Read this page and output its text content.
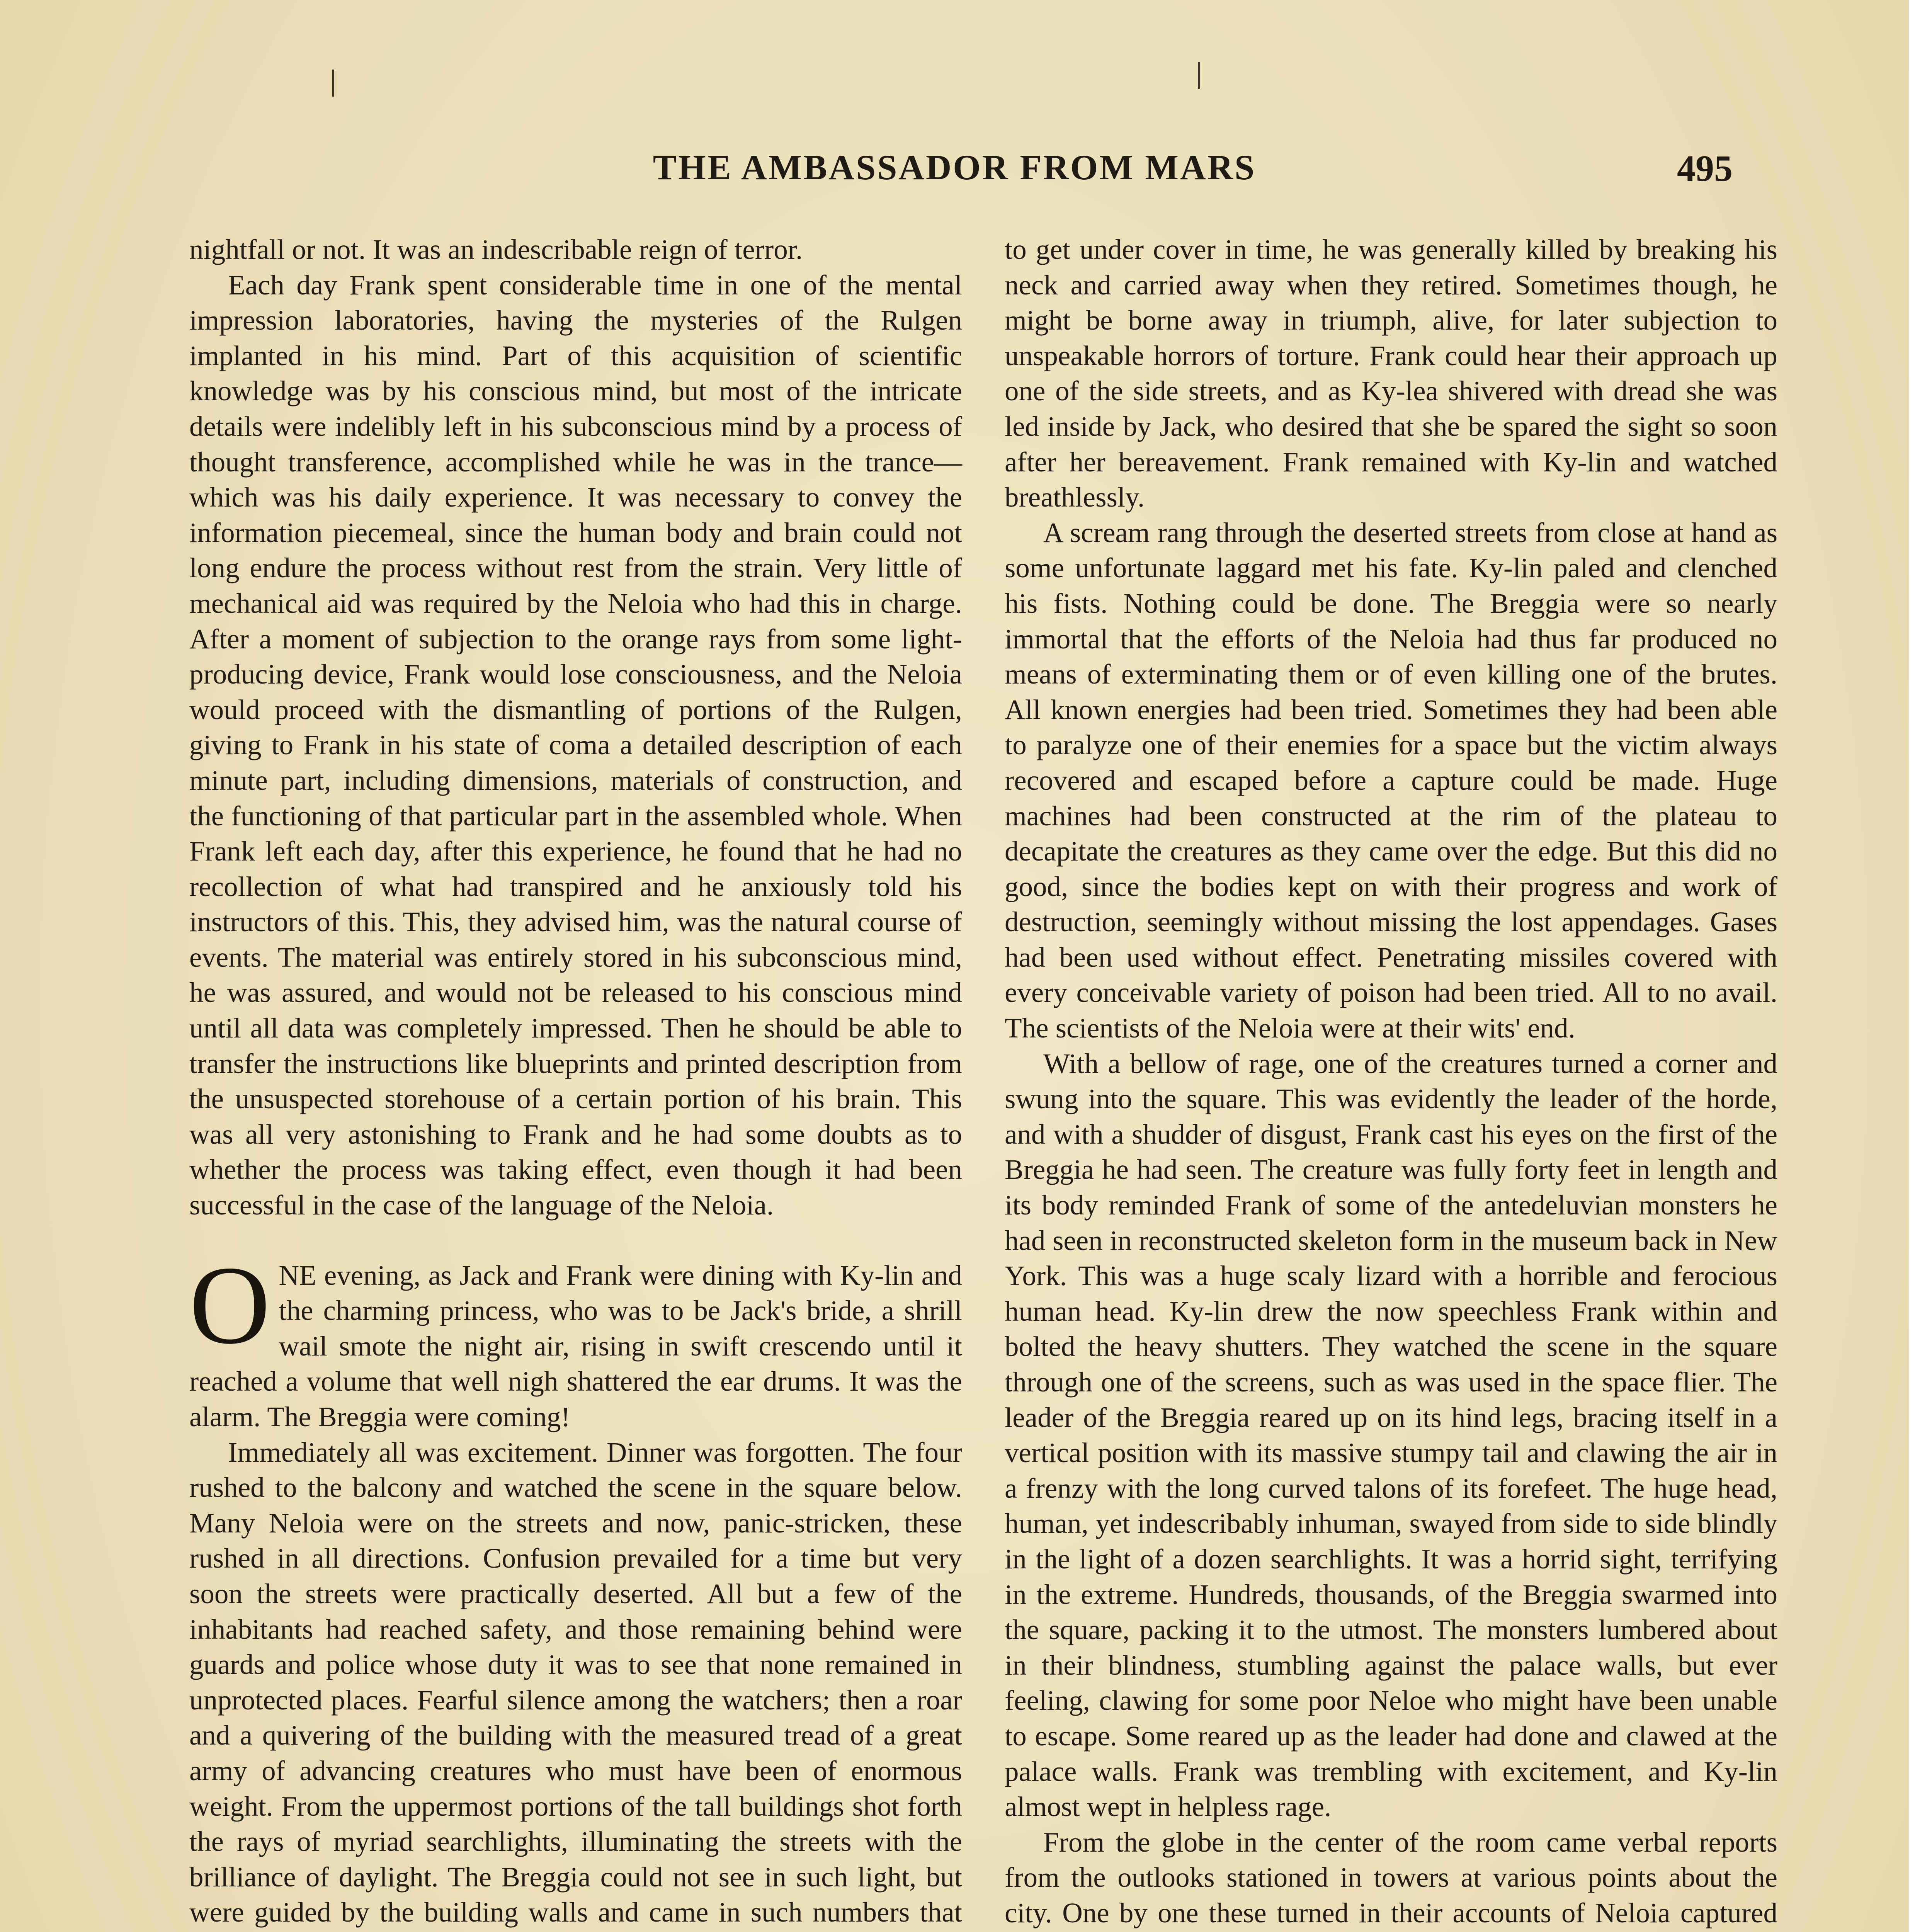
THE AMBASSADOR FROM MARS	495

nightfall or not. It was an indescribable reign of terror.

Each day Frank spent considerable time in one of the mental impression laboratories, having the mysteries of the Rulgen implanted in his mind. Part of this acquisition of scientific knowledge was by his conscious mind, but most of the intricate details were indelibly left in his subconscious mind by a process of thought transference, accomplished while he was in the trance—which was his daily experience. It was necessary to convey the information piecemeal, since the human body and brain could not long endure the process without rest from the strain. Very little of mechanical aid was required by the Neloia who had this in charge. After a moment of subjection to the orange rays from some light-producing device, Frank would lose consciousness, and the Neloia would proceed with the dismantling of portions of the Rulgen, giving to Frank in his state of coma a detailed description of each minute part, including dimensions, materials of construction, and the functioning of that particular part in the assembled whole. When Frank left each day, after this experience, he found that he had no recollection of what had transpired and he anxiously told his instructors of this. This, they advised him, was the natural course of events. The material was entirely stored in his subconscious mind, he was assured, and would not be released to his conscious mind until all data was completely impressed. Then he should be able to transfer the instructions like blueprints and printed description from the unsuspected storehouse of a certain portion of his brain. This was all very astonishing to Frank and he had some doubts as to whether the process was taking effect, even though it had been successful in the case of the language of the Neloia.

ONE evening, as Jack and Frank were dining with Ky-lin and the charming princess, who was to be Jack's bride, a shrill wail smote the night air, rising in swift crescendo until it reached a volume that well nigh shattered the ear drums. It was the alarm. The Breggia were coming!

Immediately all was excitement. Dinner was forgotten. The four rushed to the balcony and watched the scene in the square below. Many Neloia were on the streets and now, panic-stricken, these rushed in all directions. Confusion prevailed for a time but very soon the streets were practically deserted. All but a few of the inhabitants had reached safety, and those remaining behind were guards and police whose duty it was to see that none remained in unprotected places. Fearful silence among the watchers; then a roar and a quivering of the building with the measured tread of a great army of advancing creatures who must have been of enormous weight. From the uppermost portions of the tall buildings shot forth the rays of myriad searchlights, illuminating the streets with the brilliance of daylight. The Breggia could not see in such light, but were guided by the building walls and came in such numbers that

to get under cover in time, he was generally killed by breaking his neck and carried away when they retired. Sometimes though, he might be borne away in triumph, alive, for later subjection to unspeakable horrors of torture. Frank could hear their approach up one of the side streets, and as Ky-lea shivered with dread she was led inside by Jack, who desired that she be spared the sight so soon after her bereavement. Frank remained with Ky-lin and watched breathlessly.

A scream rang through the deserted streets from close at hand as some unfortunate laggard met his fate. Ky-lin paled and clenched his fists. Nothing could be done. The Breggia were so nearly immortal that the efforts of the Neloia had thus far produced no means of exterminating them or of even killing one of the brutes. All known energies had been tried. Sometimes they had been able to paralyze one of their enemies for a space but the victim always recovered and escaped before a capture could be made. Huge machines had been constructed at the rim of the plateau to decapitate the creatures as they came over the edge. But this did no good, since the bodies kept on with their progress and work of destruction, seemingly without missing the lost appendages. Gases had been used without effect. Penetrating missiles covered with every conceivable variety of poison had been tried. All to no avail. The scientists of the Neloia were at their wits' end.

With a bellow of rage, one of the creatures turned a corner and swung into the square. This was evidently the leader of the horde, and with a shudder of disgust, Frank cast his eyes on the first of the Breggia he had seen. The creature was fully forty feet in length and its body reminded Frank of some of the antedeluvian monsters he had seen in reconstructed skeleton form in the museum back in New York. This was a huge scaly lizard with a horrible and ferocious human head. Ky-lin drew the now speechless Frank within and bolted the heavy shutters. They watched the scene in the square through one of the screens, such as was used in the space flier. The leader of the Breggia reared up on its hind legs, bracing itself in a vertical position with its massive stumpy tail and clawing the air in a frenzy with the long curved talons of its forefeet. The huge head, human, yet indescribably inhuman, swayed from side to side blindly in the light of a dozen searchlights. It was a horrid sight, terrifying in the extreme. Hundreds, thousands, of the Breggia swarmed into the square, packing it to the utmost. The monsters lumbered about in their blindness, stumbling against the palace walls, but ever feeling, clawing for some poor Neloe who might have been unable to escape. Some reared up as the leader had done and clawed at the palace walls. Frank was trembling with excitement, and Ky-lin almost wept in helpless rage.

From the globe in the center of the room came verbal reports from the outlooks stationed in towers at various points about the city. One by one these turned in their accounts of Neloia captured
